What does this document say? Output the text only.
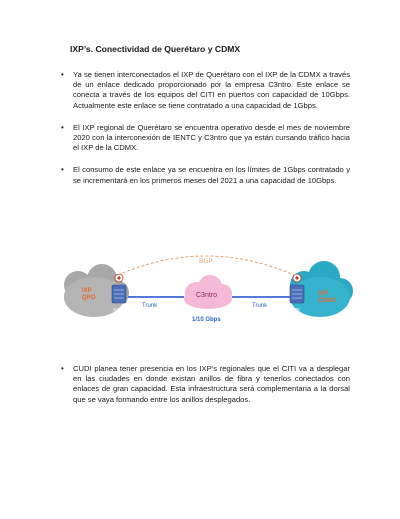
IXP’s. Conectividad de Querétaro y CDMX
• Ya se tienen interconectados el IXP de Querétaro con el IXP de la CDMX a través de un enlace dedicado proporcionado por la empresa C3ntro. Este enlace se conecta a través de los equipos del CITI en puertos con capacidad de 10Gbps. Actualmente este enlace se tiene contratado a una capacidad de 1Gbps.
• El IXP regional de Querétaro se encuentra operativo desde el mes de noviembre 2020 con la interconexión de IENTC y C3ntro que ya están cursando tráfico hacia el IXP de la CDMX.
• El consumo de este enlace ya se encuentra en los límites de 1Gbps contratado y se incrementará en los primeros meses del 2021 a una capacidad de 10Gbps.
BGP
IXP
QRO
IXP
CDMX
Trunk	Trunk
N7K	N7K
C3ntro
1/10 Gbps
• CUDI planea tener presencia en los IXP’s regionales que el CITI va a desplegar en las ciudades en donde existan anillos de fibra y tenerlos conectados con enlaces de gran capacidad. Esta infraestructura será complementaria a la dorsal que se vaya formando entre los anillos desplegados.
